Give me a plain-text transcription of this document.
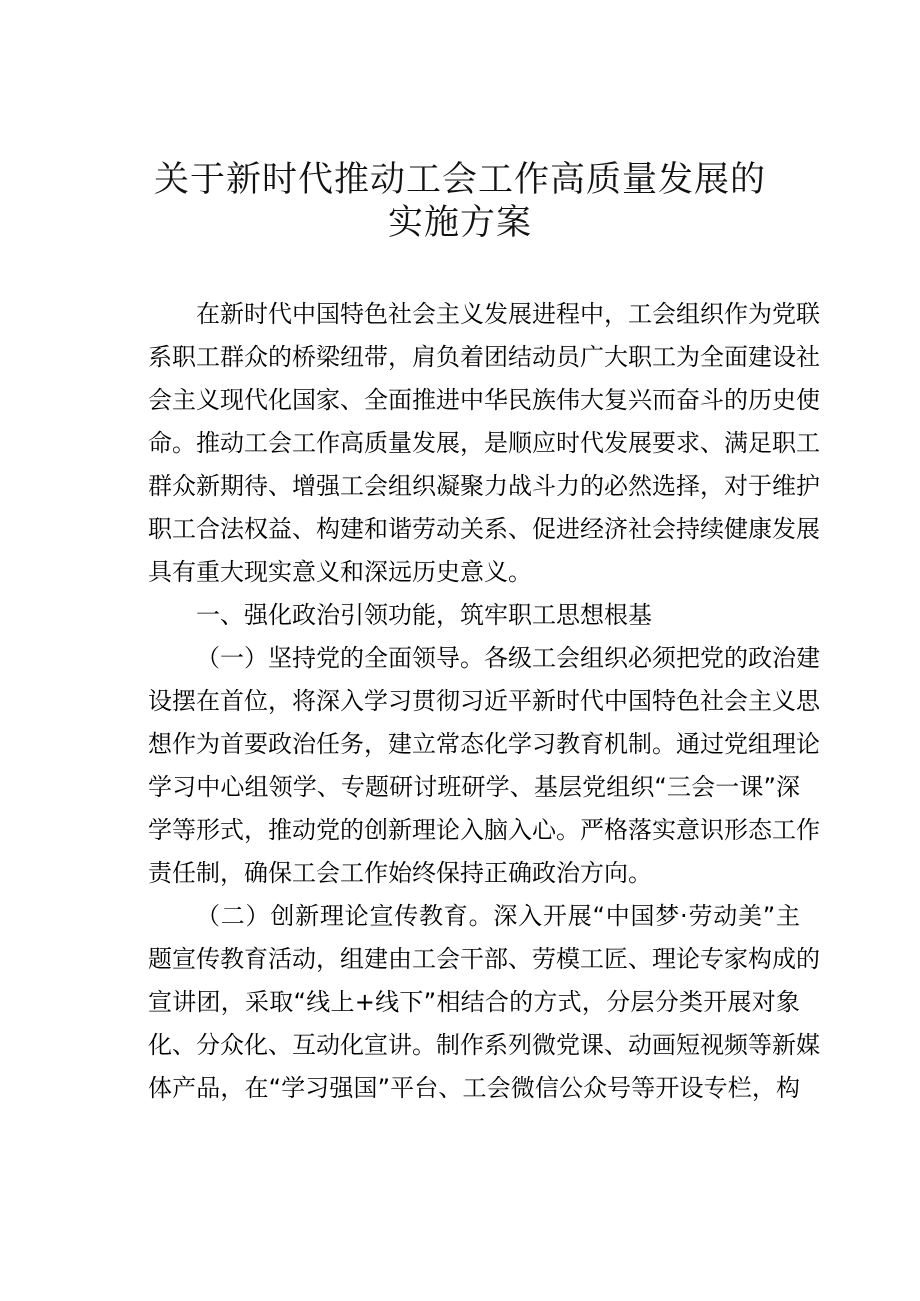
关于新时代推动工会工作高质量发展的
实施方案
在新时代中国特色社会主义发展进程中，工会组织作为党联
系职工群众的桥梁纽带，肩负着团结动员广大职工为全面建设社
会主义现代化国家、全面推进中华民族伟大复兴而奋斗的历史使
命。推动工会工作高质量发展，是顺应时代发展要求、满足职工
群众新期待、增强工会组织凝聚力战斗力的必然选择，对于维护
职工合法权益、构建和谐劳动关系、促进经济社会持续健康发展
具有重大现实意义和深远历史意义。
一、强化政治引领功能，筑牢职工思想根基
（一）坚持党的全面领导。各级工会组织必须把党的政治建
设摆在首位，将深入学习贯彻习近平新时代中国特色社会主义思
想作为首要政治任务，建立常态化学习教育机制。通过党组理论
学习中心组领学、专题研讨班研学、基层党组织“三会一课”深
学等形式，推动党的创新理论入脑入心。严格落实意识形态工作
责任制，确保工会工作始终保持正确政治方向。
（二）创新理论宣传教育。深入开展“中国梦·劳动美”主
题宣传教育活动，组建由工会干部、劳模工匠、理论专家构成的
宣讲团，采取“线上+线下”相结合的方式，分层分类开展对象
化、分众化、互动化宣讲。制作系列微党课、动画短视频等新媒
体产品，在“学习强国”平台、工会微信公众号等开设专栏，构
